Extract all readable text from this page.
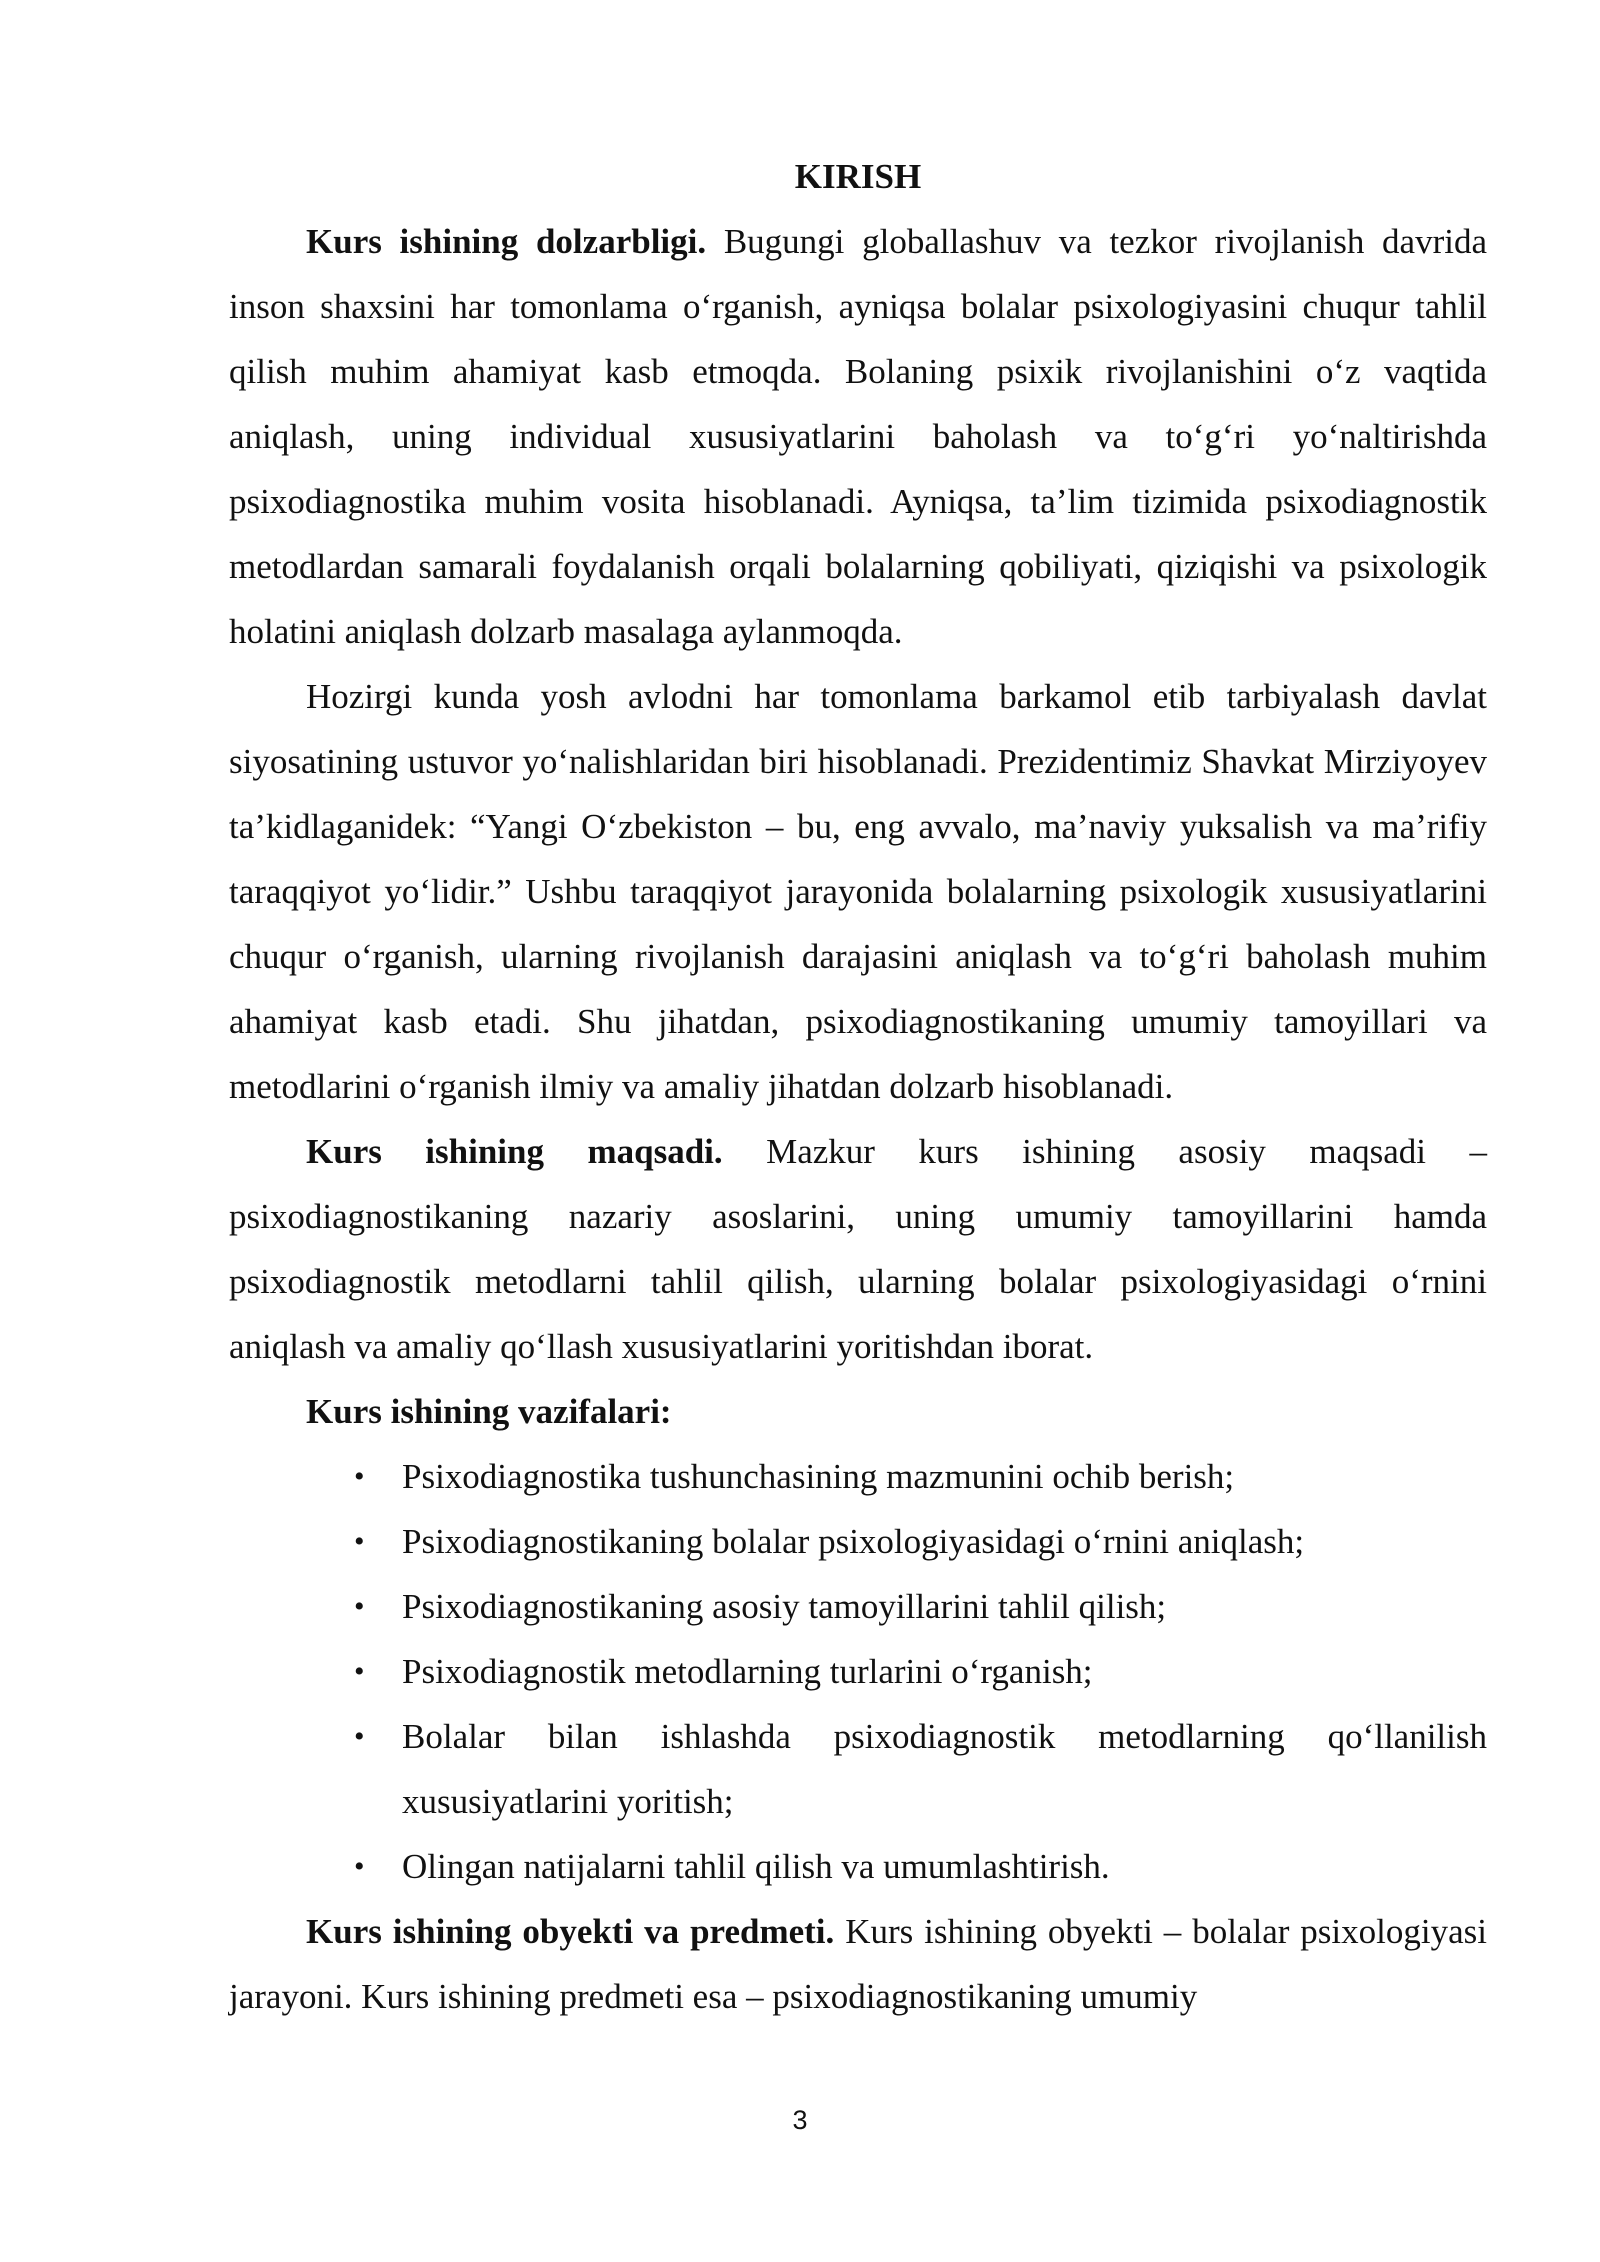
KIRISH

Kurs ishining dolzarbligi. Bugungi globallashuv va tezkor rivojlanish davrida inson shaxsini har tomonlama o‘rganish, ayniqsa bolalar psixologiyasini chuqur tahlil qilish muhim ahamiyat kasb etmoqda. Bolaning psixik rivojlanishini o‘z vaqtida aniqlash, uning individual xususiyatlarini baholash va to‘g‘ri yo‘naltirishda psixodiagnostika muhim vosita hisoblanadi. Ayniqsa, ta’lim tizimida psixodiagnostik metodlardan samarali foydalanish orqali bolalarning qobiliyati, qiziqishi va psixologik holatini aniqlash dolzarb masalaga aylanmoqda.

Hozirgi kunda yosh avlodni har tomonlama barkamol etib tarbiyalash davlat siyosatining ustuvor yo‘nalishlaridan biri hisoblanadi. Prezidentimiz Shavkat Mirziyoyev ta’kidlaganidek: “Yangi O‘zbekiston – bu, eng avvalo, ma’naviy yuksalish va ma’rifiy taraqqiyot yo‘lidir.” Ushbu taraqqiyot jarayonida bolalarning psixologik xususiyatlarini chuqur o‘rganish, ularning rivojlanish darajasini aniqlash va to‘g‘ri baholash muhim ahamiyat kasb etadi. Shu jihatdan, psixodiagnostikaning umumiy tamoyillari va metodlarini o‘rganish ilmiy va amaliy jihatdan dolzarb hisoblanadi.

Kurs ishining maqsadi. Mazkur kurs ishining asosiy maqsadi – psixodiagnostikaning nazariy asoslarini, uning umumiy tamoyillarini hamda psixodiagnostik metodlarni tahlil qilish, ularning bolalar psixologiyasidagi o‘rnini aniqlash va amaliy qo‘llash xususiyatlarini yoritishdan iborat.

Kurs ishining vazifalari:

• Psixodiagnostika tushunchasining mazmunini ochib berish;
• Psixodiagnostikaning bolalar psixologiyasidagi o‘rnini aniqlash;
• Psixodiagnostikaning asosiy tamoyillarini tahlil qilish;
• Psixodiagnostik metodlarning turlarini o‘rganish;
• Bolalar bilan ishlashda psixodiagnostik metodlarning qo‘llanilish xususiyatlarini yoritish;
• Olingan natijalarni tahlil qilish va umumlashtirish.

Kurs ishining obyekti va predmeti. Kurs ishining obyekti – bolalar psixologiyasi jarayoni. Kurs ishining predmeti esa – psixodiagnostikaning umumiy

3
